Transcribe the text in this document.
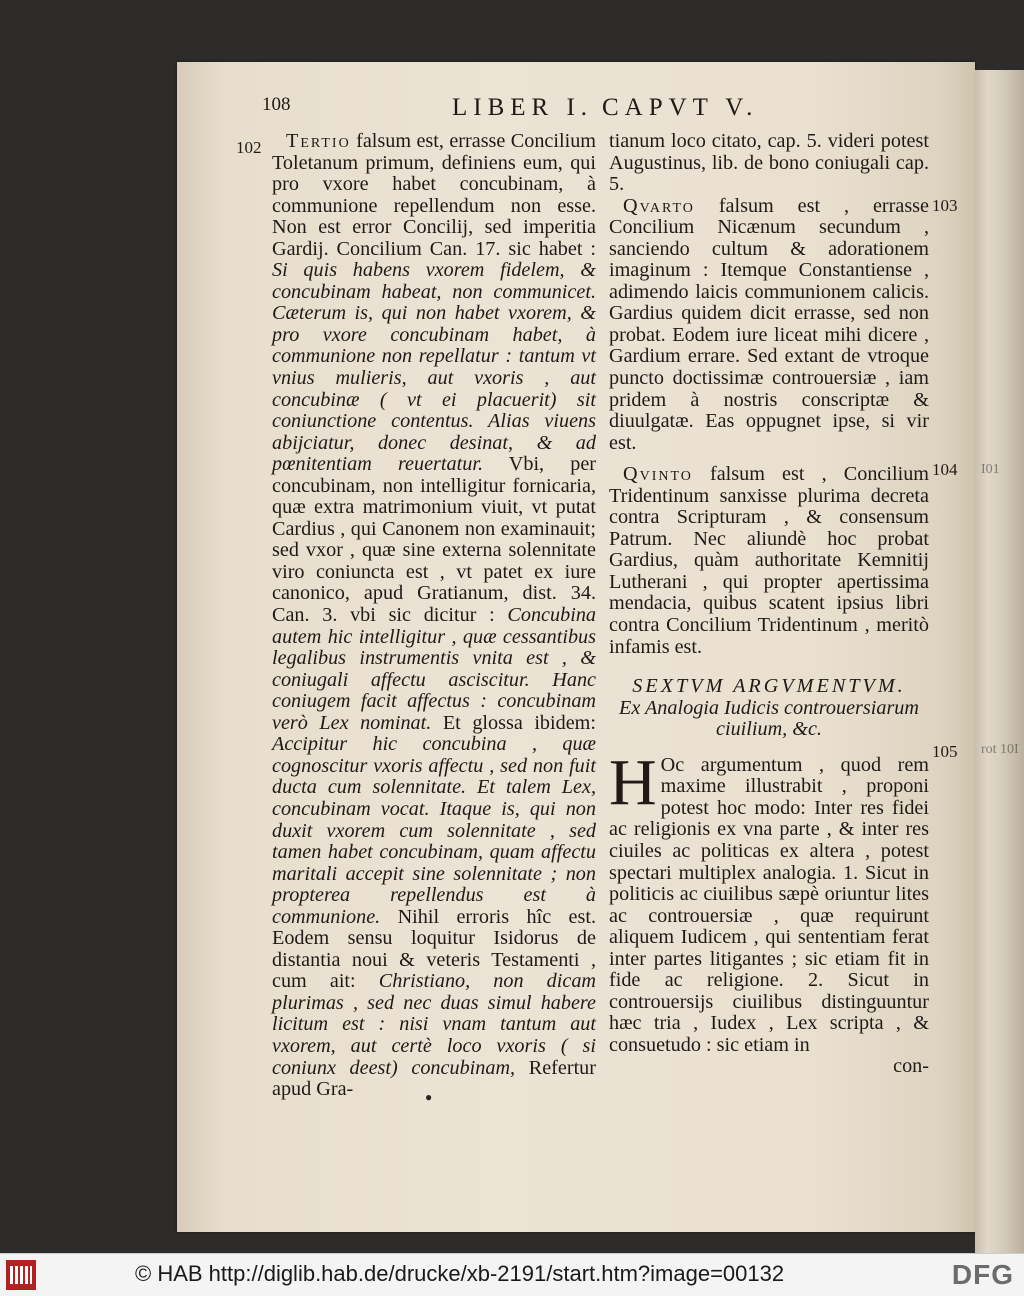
I01
rot 10I
108	LIBER I. CAPVT V.
102
103
104
105

Tertio falsum est, errasse Concilium Toletanum primum, definiens eum, qui pro vxore habet concubinam, à communione repellendum non esse. Non est error Concilij, sed imperitia Gardij. Concilium Can. 17. sic habet : Si quis habens vxorem fidelem, & concubinam habeat, non communicet. Cæterum is, qui non habet vxorem, & pro vxore concubinam habet, à communione non repellatur : tantum vt vnius mulieris, aut vxoris , aut concubinæ ( vt ei placuerit) sit coniunctione contentus. Alias viuens abijciatur, donec desinat, & ad pœnitentiam reuertatur. Vbi, per concubinam, non intelligitur fornicaria, quæ extra matrimonium viuit, vt putat Cardius , qui Canonem non examinauit; sed vxor , quæ sine externa solennitate viro coniuncta est , vt patet ex iure canonico, apud Gratianum, dist. 34. Can. 3. vbi sic dicitur : Concubina autem hic intelligitur , quæ cessantibus legalibus instrumentis vnita est , & coniugali affectu asciscitur. Hanc coniugem facit affectus : concubinam verò Lex nominat. Et glossa ibidem: Accipitur hic concubina , quæ cognoscitur vxoris affectu , sed non fuit ducta cum solennitate. Et talem Lex, concubinam vocat. Itaque is, qui non duxit vxorem cum solennitate , sed tamen habet concubinam, quam affectu maritali accepit sine solennitate ; non propterea repellendus est à communione. Nihil erroris hîc est. Eodem sensu loquitur Isidorus de distantia noui & veteris Testamenti , cum ait: Christiano, non dicam plurimas , sed nec duas simul habere licitum est : nisi vnam tantum aut vxorem, aut certè loco vxoris ( si coniunx deest) concubinam, Refertur apud Gra-

tianum loco citato, cap. 5. videri potest Augustinus, lib. de bono coniugali cap. 5.

Qvarto falsum est , errasse Concilium Nicænum secundum , sanciendo cultum & adorationem imaginum : Itemque Constantiense , adimendo laicis communionem calicis. Gardius quidem dicit errasse, sed non probat. Eodem iure liceat mihi dicere , Gardium errare. Sed extant de vtroque puncto doctissimæ controuersiæ , iam pridem à nostris conscriptæ & diuulgatæ. Eas oppugnet ipse, si vir est.

Qvinto falsum est , Concilium Tridentinum sanxisse plurima decreta contra Scripturam , & consensum Patrum. Nec aliundè hoc probat Gardius, quàm authoritate Kemnitij Lutherani , qui propter apertissima mendacia, quibus scatent ipsius libri contra Concilium Tridentinum , meritò infamis est.

SEXTVM ARGVMENTVM.

Ex Analogia Iudicis controuersiarum ciuilium, &c.

H Oc argumentum , quod rem maxime illustrabit , proponi potest hoc modo: Inter res fidei ac religionis ex vna parte , & inter res ciuiles ac politicas ex altera , potest spectari multiplex analogia. 1. Sicut in politicis ac ciuilibus sæpè oriuntur lites ac controuersiæ , quæ requirunt aliquem Iudicem , qui sententiam ferat inter partes litigantes ; sic etiam fit in fide ac religione. 2. Sicut in controuersijs ciuilibus distinguuntur hæc tria , Iudex , Lex scripta , & consuetudo : sic etiam in

con-

●
© HAB http://diglib.hab.de/drucke/xb-2191/start.htm?image=00132	DFG
